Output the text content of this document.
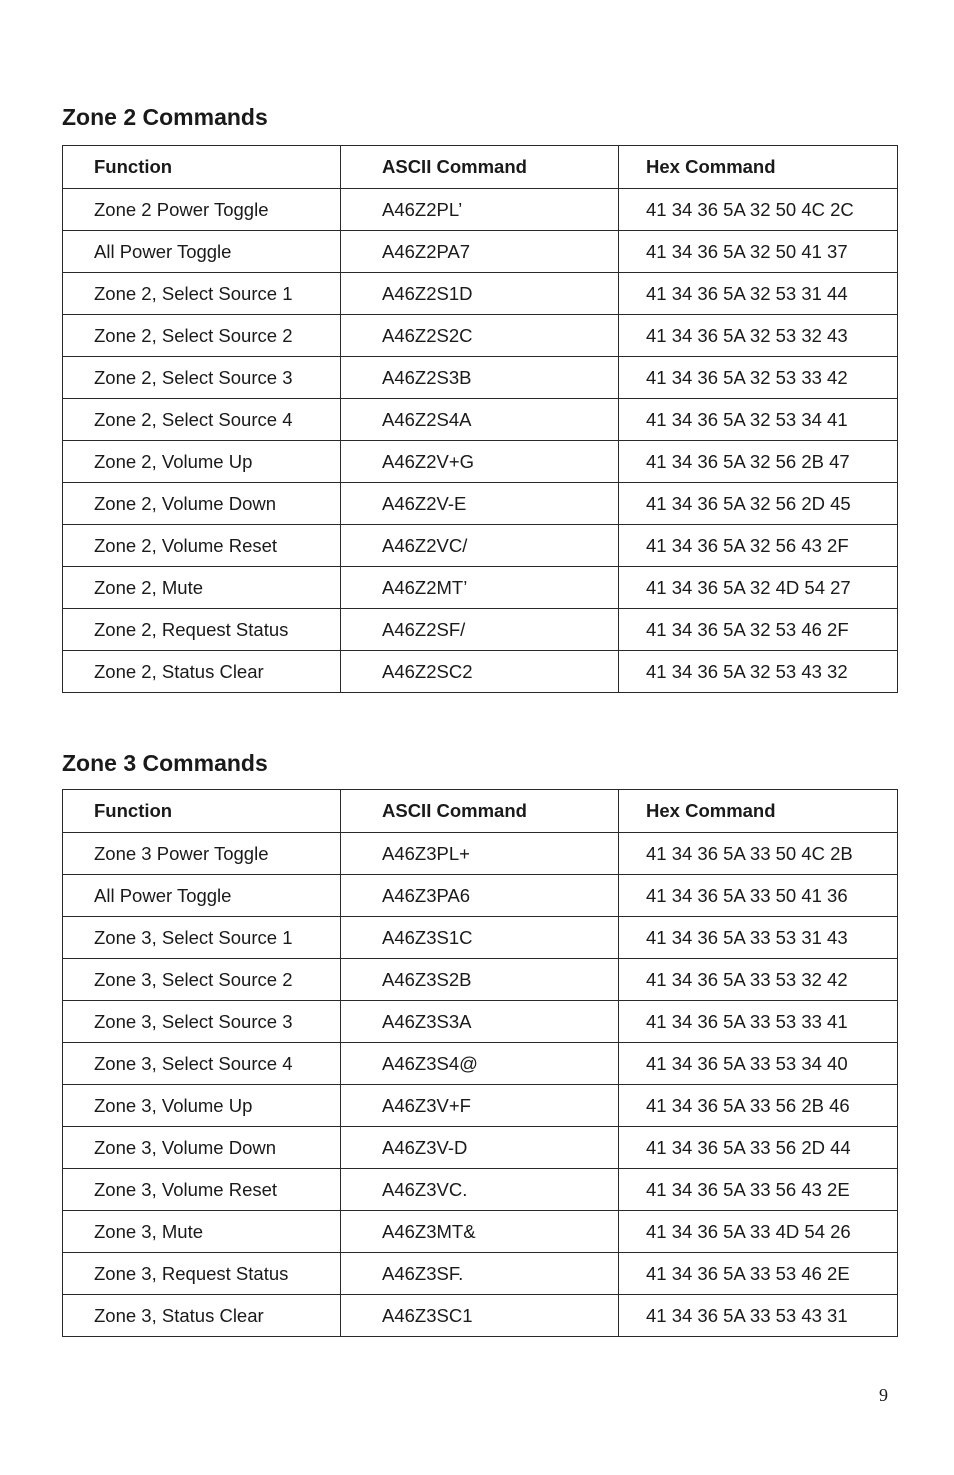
Zone 2 Commands
Function	ASCII Command	Hex Command
Zone 2 Power Toggle	A46Z2PL’	41 34 36 5A 32 50 4C 2C
All Power Toggle	A46Z2PA7	41 34 36 5A 32 50 41 37
Zone 2, Select Source 1	A46Z2S1D	41 34 36 5A 32 53 31 44
Zone 2, Select Source 2	A46Z2S2C	41 34 36 5A 32 53 32 43
Zone 2, Select Source 3	A46Z2S3B	41 34 36 5A 32 53 33 42
Zone 2, Select Source 4	A46Z2S4A	41 34 36 5A 32 53 34 41
Zone 2, Volume Up	A46Z2V+G	41 34 36 5A 32 56 2B 47
Zone 2, Volume Down	A46Z2V-E	41 34 36 5A 32 56 2D 45
Zone 2, Volume Reset	A46Z2VC/	41 34 36 5A 32 56 43 2F
Zone 2, Mute	A46Z2MT’	41 34 36 5A 32 4D 54 27
Zone 2, Request Status	A46Z2SF/	41 34 36 5A 32 53 46 2F
Zone 2, Status Clear	A46Z2SC2	41 34 36 5A 32 53 43 32
Zone 3 Commands
Function	ASCII Command	Hex Command
Zone 3 Power Toggle	A46Z3PL+	41 34 36 5A 33 50 4C 2B
All Power Toggle	A46Z3PA6	41 34 36 5A 33 50 41 36
Zone 3, Select Source 1	A46Z3S1C	41 34 36 5A 33 53 31 43
Zone 3, Select Source 2	A46Z3S2B	41 34 36 5A 33 53 32 42
Zone 3, Select Source 3	A46Z3S3A	41 34 36 5A 33 53 33 41
Zone 3, Select Source 4	A46Z3S4@	41 34 36 5A 33 53 34 40
Zone 3, Volume Up	A46Z3V+F	41 34 36 5A 33 56 2B 46
Zone 3, Volume Down	A46Z3V-D	41 34 36 5A 33 56 2D 44
Zone 3, Volume Reset	A46Z3VC.	41 34 36 5A 33 56 43 2E
Zone 3, Mute	A46Z3MT&	41 34 36 5A 33 4D 54 26
Zone 3, Request Status	A46Z3SF.	41 34 36 5A 33 53 46 2E
Zone 3, Status Clear	A46Z3SC1	41 34 36 5A 33 53 43 31
9
